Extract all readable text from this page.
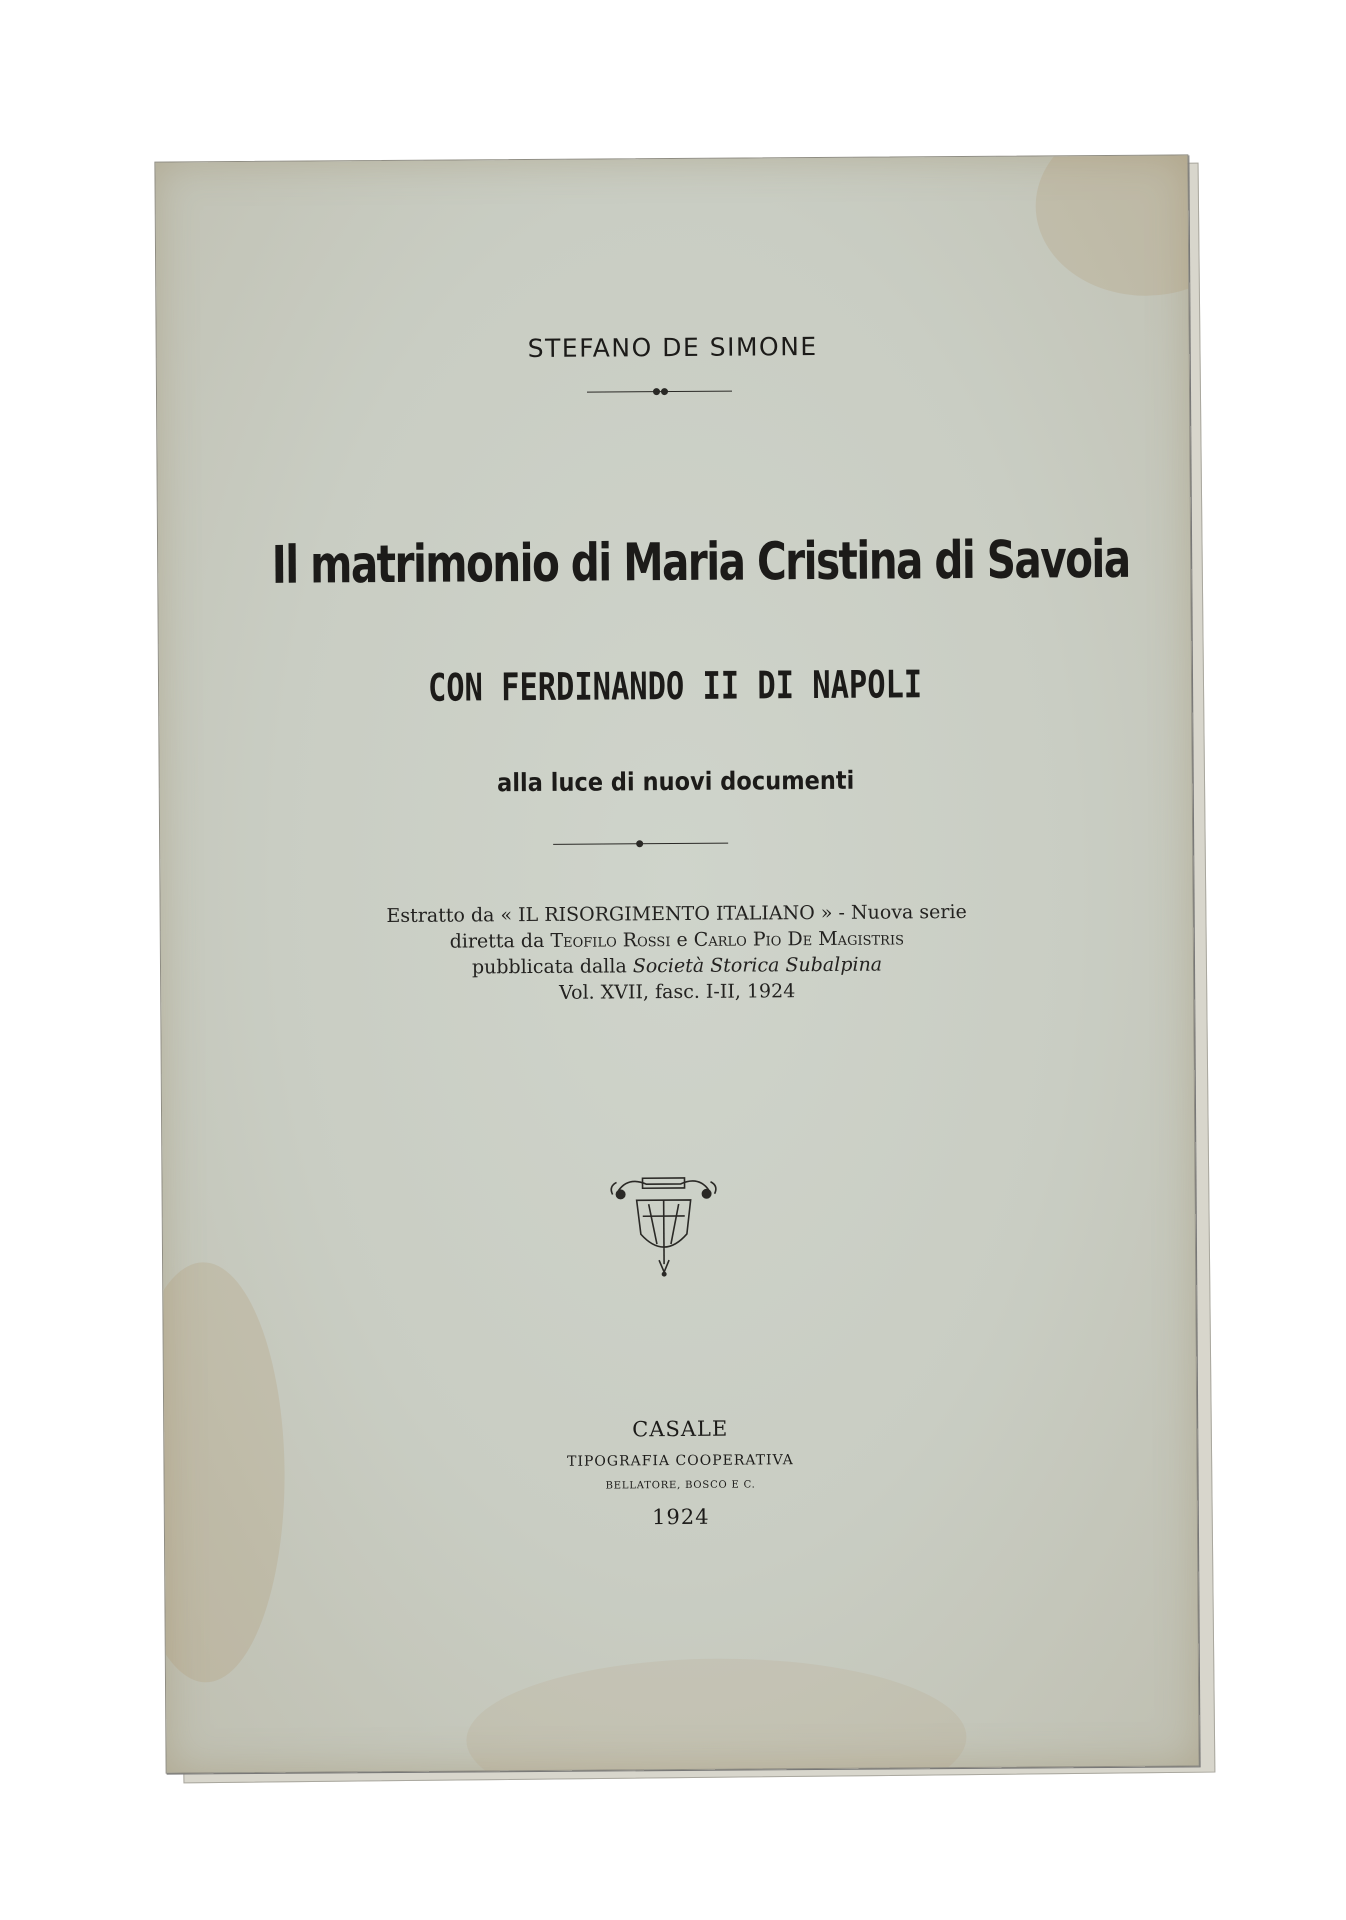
STEFANO DE SIMONE
Il matrimonio di Maria Cristina di Savoia
CON FERDINANDO II DI NAPOLI
alla luce di nuovi documenti
Estratto da « IL RISORGIMENTO ITALIANO » - Nuova serie
diretta da Teofilo Rossi e Carlo Pio De Magistris
pubblicata dalla Società Storica Subalpina
Vol. XVII, fasc. I-II, 1924
CASALE
TIPOGRAFIA COOPERATIVA
BELLATORE, BOSCO E C.
1924
